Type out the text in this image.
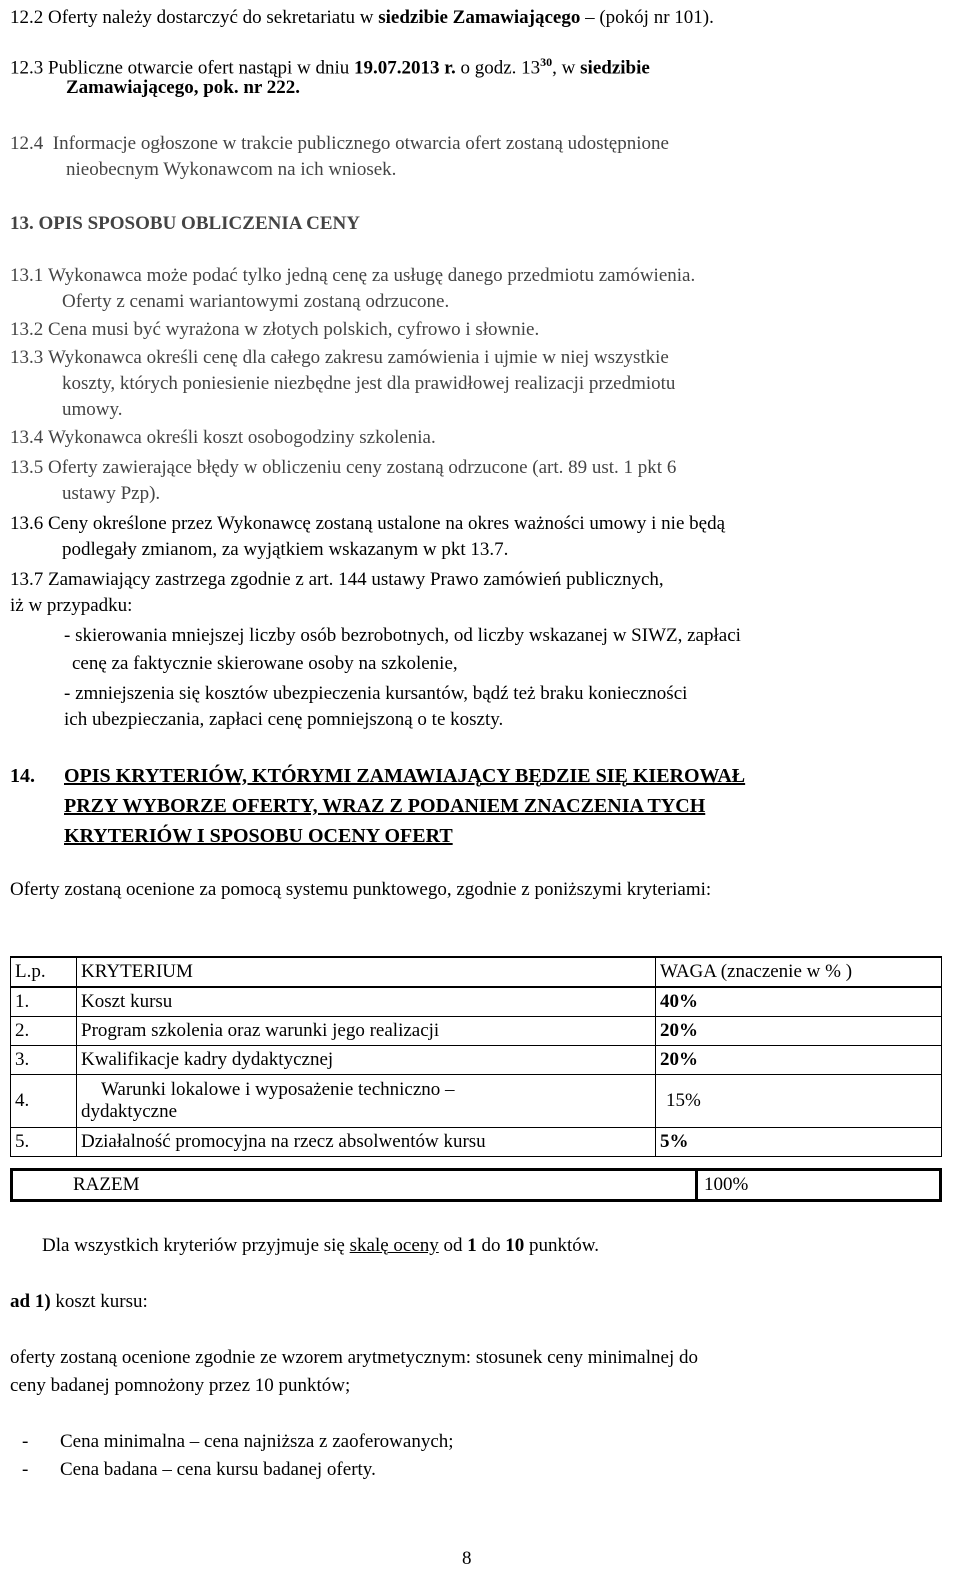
12.2 Oferty należy dostarczyć do sekretariatu w siedzibie Zamawiającego – (pokój nr 101).
12.3 Publiczne otwarcie ofert nastąpi w dniu 19.07.2013 r. o godz. $13^{30}$, w siedzibie
Zamawiającego, pok. nr 222.
12.4 Informacje ogłoszone w trakcie publicznego otwarcia ofert zostaną udostępnione
nieobecnym Wykonawcom na ich wniosek.
13. OPIS SPOSOBU OBLICZENIA CENY
13.1 Wykonawca może podać tylko jedną cenę za usługę danego przedmiotu zamówienia.
Oferty z cenami wariantowymi zostaną odrzucone.
13.2 Cena musi być wyrażona w złotych polskich, cyfrowo i słownie.
13.3 Wykonawca określi cenę dla całego zakresu zamówienia i ujmie w niej wszystkie
koszty, których poniesienie niezbędne jest dla prawidłowej realizacji przedmiotu
umowy.
13.4 Wykonawca określi koszt osobogodziny szkolenia.
13.5 Oferty zawierające błędy w obliczeniu ceny zostaną odrzucone (art. 89 ust. 1 pkt 6
ustawy Pzp).
13.6 Ceny określone przez Wykonawcę zostaną ustalone na okres ważności umowy i nie będą
podlegały zmianom, za wyjątkiem wskazanym w pkt 13.7.
13.7 Zamawiający zastrzega zgodnie z art. 144 ustawy Prawo zamówień publicznych,
iż w przypadku:
- skierowania mniejszej liczby osób bezrobotnych, od liczby wskazanej w SIWZ, zapłaci
cenę za faktycznie skierowane osoby na szkolenie,
- zmniejszenia się kosztów ubezpieczenia kursantów, bądź też braku konieczności
ich ubezpieczania, zapłaci cenę pomniejszoną o te koszty.
14. OPIS KRYTERIÓW, KTÓRYMI ZAMAWIAJĄCY BĘDZIE SIĘ KIEROWAŁ
PRZY WYBORZE OFERTY, WRAZ Z PODANIEM ZNACZENIA TYCH
KRYTERIÓW I SPOSOBU OCENY OFERT
Oferty zostaną ocenione za pomocą systemu punktowego, zgodnie z poniższymi kryteriami:
L.p.	KRYTERIUM	WAGA (znaczenie w % )
1.	Koszt kursu	40%
2.	Program szkolenia oraz warunki jego realizacji	20%
3.	Kwalifikacje kadry dydaktycznej	20%
4.	Warunki lokalowe i wyposażenie techniczno –
dydaktyczne	15%
5.	Działalność promocyjna na rzecz absolwentów kursu	5%
RAZEM	100%
Dla wszystkich kryteriów przyjmuje się skalę oceny od 1 do 10 punktów.
ad 1) koszt kursu:
oferty zostaną ocenione zgodnie ze wzorem arytmetycznym: stosunek ceny minimalnej do
ceny badanej pomnożony przez 10 punktów;
- Cena minimalna – cena najniższa z zaoferowanych;
- Cena badana – cena kursu badanej oferty.
8
